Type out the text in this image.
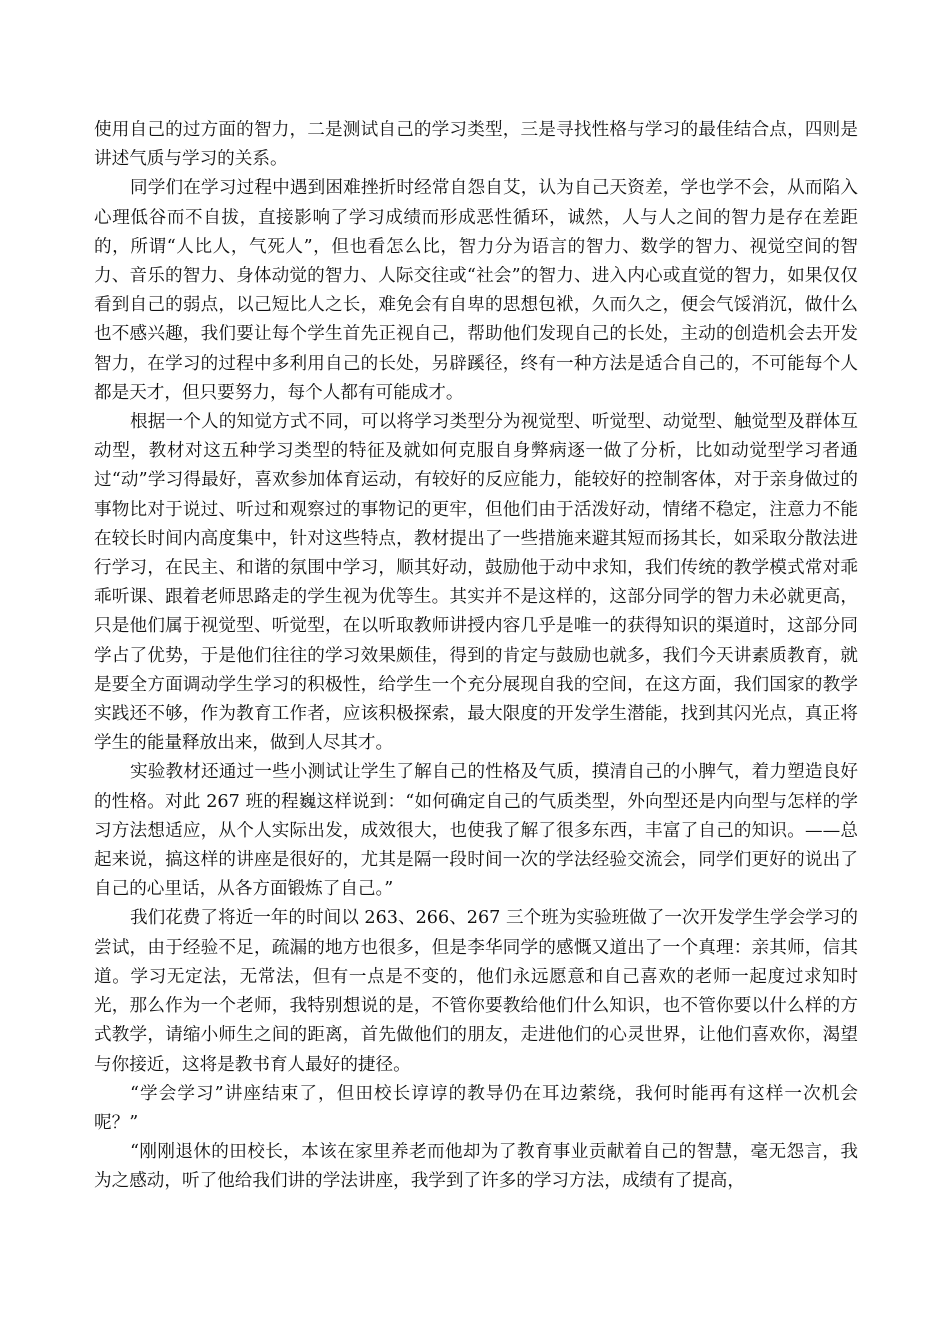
使用自己的过方面的智力，二是测试自己的学习类型，三是寻找性格与学习的最佳结合点，四则是讲述气质与学习的关系。

同学们在学习过程中遇到困难挫折时经常自怨自艾，认为自己天资差，学也学不会，从而陷入心理低谷而不自拔，直接影响了学习成绩而形成恶性循环，诚然，人与人之间的智力是存在差距的，所谓“人比人，气死人”，但也看怎么比，智力分为语言的智力、数学的智力、视觉空间的智力、音乐的智力、身体动觉的智力、人际交往或“社会”的智力、进入内心或直觉的智力，如果仅仅看到自己的弱点，以己短比人之长，难免会有自卑的思想包袱，久而久之，便会气馁消沉，做什么也不感兴趣，我们要让每个学生首先正视自己，帮助他们发现自己的长处，主动的创造机会去开发智力，在学习的过程中多利用自己的长处，另辟蹊径，终有一种方法是适合自己的，不可能每个人都是天才，但只要努力，每个人都有可能成才。

根据一个人的知觉方式不同，可以将学习类型分为视觉型、听觉型、动觉型、触觉型及群体互动型，教材对这五种学习类型的特征及就如何克服自身弊病逐一做了分析，比如动觉型学习者通过“动”学习得最好，喜欢参加体育运动，有较好的反应能力，能较好的控制客体，对于亲身做过的事物比对于说过、听过和观察过的事物记的更牢，但他们由于活泼好动，情绪不稳定，注意力不能在较长时间内高度集中，针对这些特点，教材提出了一些措施来避其短而扬其长，如采取分散法进行学习，在民主、和谐的氛围中学习，顺其好动，鼓励他于动中求知，我们传统的教学模式常对乖乖听课、跟着老师思路走的学生视为优等生。其实并不是这样的，这部分同学的智力未必就更高，只是他们属于视觉型、听觉型，在以听取教师讲授内容几乎是唯一的获得知识的渠道时，这部分同学占了优势，于是他们往往的学习效果颇佳，得到的肯定与鼓励也就多，我们今天讲素质教育，就是要全方面调动学生学习的积极性，给学生一个充分展现自我的空间，在这方面，我们国家的教学实践还不够，作为教育工作者，应该积极探索，最大限度的开发学生潜能，找到其闪光点，真正将学生的能量释放出来，做到人尽其才。

实验教材还通过一些小测试让学生了解自己的性格及气质，摸清自己的小脾气，着力塑造良好的性格。对此 267 班的程巍这样说到：“如何确定自己的气质类型，外向型还是内向型与怎样的学习方法想适应，从个人实际出发，成效很大，也使我了解了很多东西，丰富了自己的知识。——总起来说，搞这样的讲座是很好的，尤其是隔一段时间一次的学法经验交流会，同学们更好的说出了自己的心里话，从各方面锻炼了自己。”

我们花费了将近一年的时间以 263、266、267 三个班为实验班做了一次开发学生学会学习的尝试，由于经验不足，疏漏的地方也很多，但是李华同学的感慨又道出了一个真理：亲其师，信其道。学习无定法，无常法，但有一点是不变的，他们永远愿意和自己喜欢的老师一起度过求知时光，那么作为一个老师，我特别想说的是，不管你要教给他们什么知识，也不管你要以什么样的方式教学，请缩小师生之间的距离，首先做他们的朋友，走进他们的心灵世界，让他们喜欢你，渴望与你接近，这将是教书育人最好的捷径。

“学会学习”讲座结束了，但田校长谆谆的教导仍在耳边萦绕，我何时能再有这样一次机会呢？”

“刚刚退休的田校长，本该在家里养老而他却为了教育事业贡献着自己的智慧，毫无怨言，我为之感动，听了他给我们讲的学法讲座，我学到了许多的学习方法，成绩有了提高，
